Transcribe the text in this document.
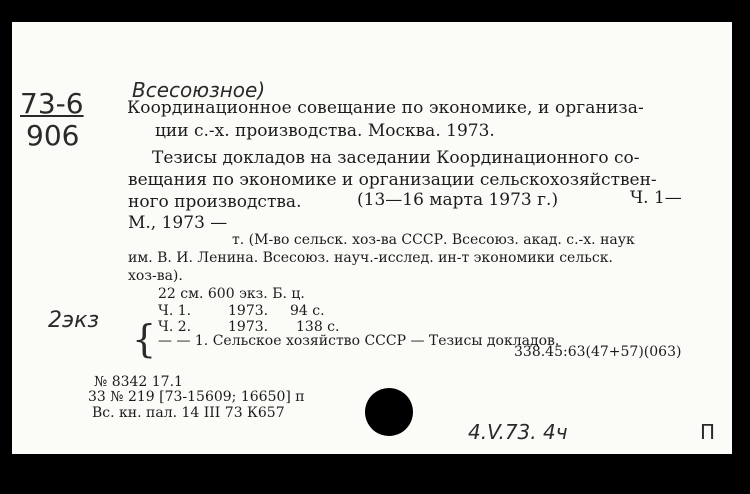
73-6
906
Всесоюзное)
Координационное совещание по экономике, и организа-
ции с.-х. производства. Москва. 1973.
Тезисы докладов на заседании Координационного со-
вещания по экономике и организации сельскохозяйствен-
ного производства.	(13—16 марта 1973 г.)	Ч. 1—
М., 1973 —
т. (М-во сельск. хоз-ва СССР. Всесоюз. акад. с.-х. наук
им. В. И. Ленина. Всесоюз. науч.-исслед. ин-т экономики сельск.
хоз-ва).
22 см. 600 экз. Б. ц.
2экз {
Ч. 1.	1973. 94 с.
Ч. 2.	1973. 138 с.
— — 1. Сельское хозяйство СССР — Тезисы докладов.
338.45:63(47+57)(063)
№ 8342 17.1
33 № 219 [73-15609; 16650] п
Вс. кн. пал. 14 III 73 К657
4.V.73. 4ч	П
